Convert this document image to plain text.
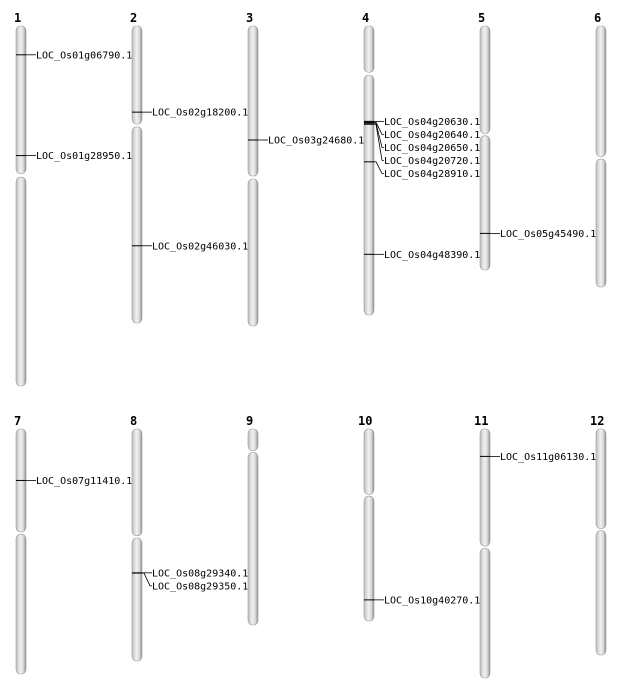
1
LOC_Os01g06790.1
LOC_Os01g28950.1
2
LOC_Os02g18200.1
LOC_Os02g46030.1
3
LOC_Os03g24680.1
4
LOC_Os04g20630.1
LOC_Os04g20640.1
LOC_Os04g20650.1
LOC_Os04g20720.1
LOC_Os04g28910.1
LOC_Os04g48390.1
5
LOC_Os05g45490.1
6
7
LOC_Os07g11410.1
8
LOC_Os08g29340.1
LOC_Os08g29350.1
9	10
LOC_Os10g40270.1
11
LOC_Os11g06130.1
12
